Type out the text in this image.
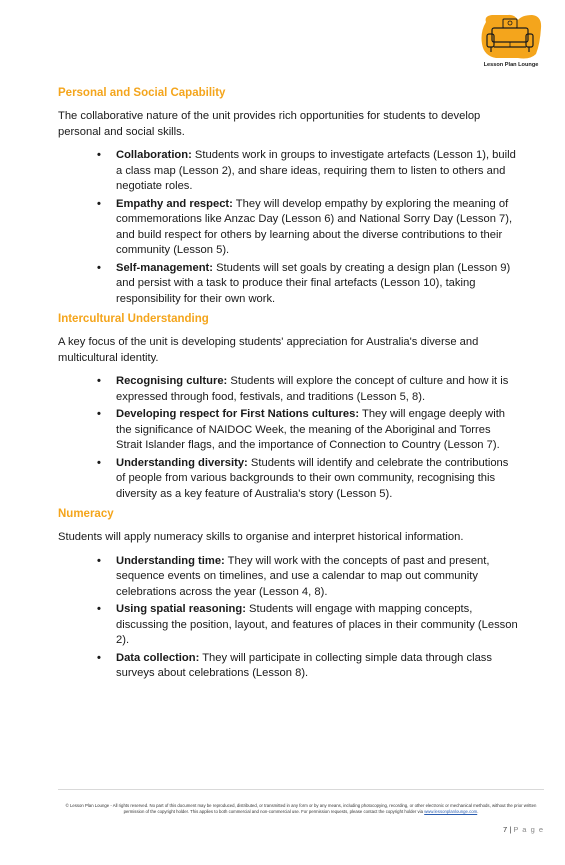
Lesson Plan Lounge
Personal and Social Capability

The collaborative nature of the unit provides rich opportunities for students to develop personal and social skills.

• Collaboration: Students work in groups to investigate artefacts (Lesson 1), build a class map (Lesson 2), and share ideas, requiring them to listen to others and negotiate roles.
• Empathy and respect: They will develop empathy by exploring the meaning of commemorations like Anzac Day (Lesson 6) and National Sorry Day (Lesson 7), and build respect for others by learning about the diverse contributions to their community (Lesson 5).
• Self-management: Students will set goals by creating a design plan (Lesson 9) and persist with a task to produce their final artefacts (Lesson 10), taking responsibility for their own work.
Intercultural Understanding

A key focus of the unit is developing students' appreciation for Australia's diverse and multicultural identity.

• Recognising culture: Students will explore the concept of culture and how it is expressed through food, festivals, and traditions (Lesson 5, 8).
• Developing respect for First Nations cultures: They will engage deeply with the significance of NAIDOC Week, the meaning of the Aboriginal and Torres Strait Islander flags, and the importance of Connection to Country (Lesson 7).
• Understanding diversity: Students will identify and celebrate the contributions of people from various backgrounds to their own community, recognising this diversity as a key feature of Australia's story (Lesson 5).
Numeracy

Students will apply numeracy skills to organise and interpret historical information.

• Understanding time: They will work with the concepts of past and present, sequence events on timelines, and use a calendar to map out community celebrations across the year (Lesson 4, 8).
• Using spatial reasoning: Students will engage with mapping concepts, discussing the position, layout, and features of places in their community (Lesson 2).
• Data collection: They will participate in collecting simple data through class surveys about celebrations (Lesson 8).
© Lesson Plan Lounge - All rights reserved. No part of this document may be reproduced, distributed, or transmitted in any form or by any means, including photocopying, recording, or other electronic or mechanical methods, without the prior written permission of the copyright holder. This applies to both commercial and non-commercial use. For permission requests, please contact the copyright holder via www.lessonplanlounge.com.
7 | P a g e
